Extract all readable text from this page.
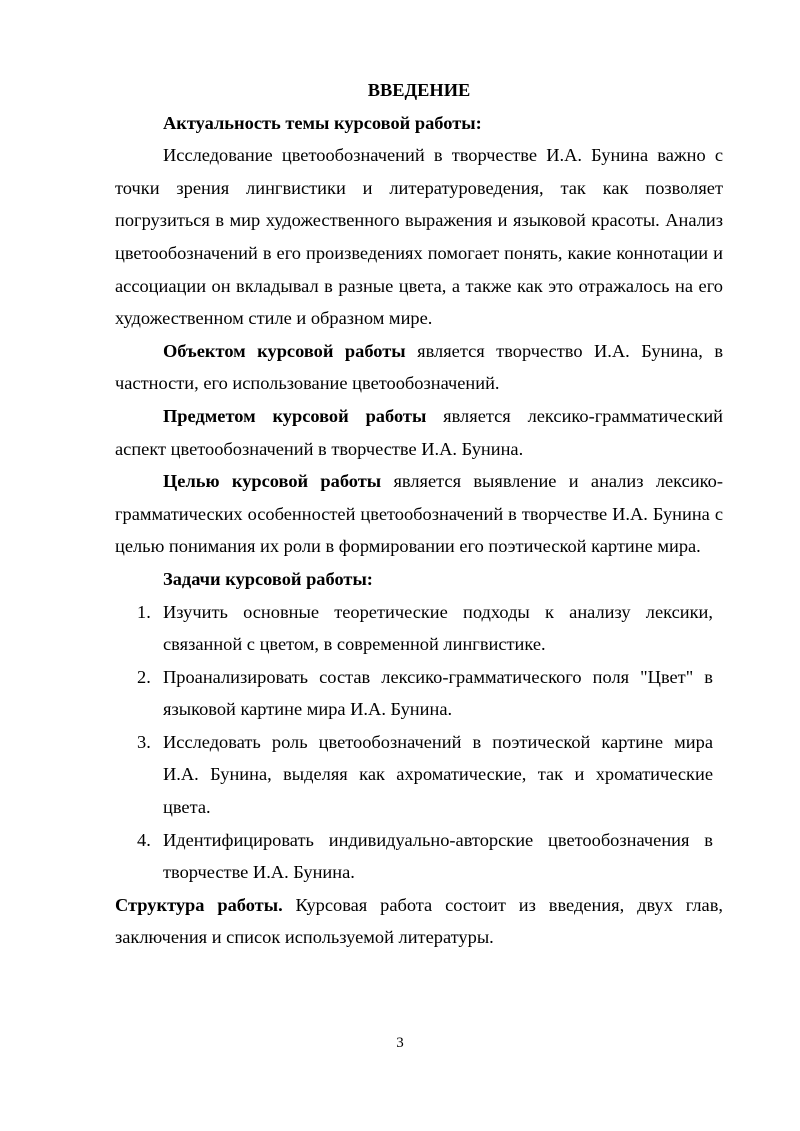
ВВЕДЕНИЕ

Актуальность темы курсовой работы:

Исследование цветообозначений в творчестве И.А. Бунина важно с точки зрения лингвистики и литературоведения, так как позволяет погрузиться в мир художественного выражения и языковой красоты. Анализ цветообозначений в его произведениях помогает понять, какие коннотации и ассоциации он вкладывал в разные цвета, а также как это отражалось на его художественном стиле и образном мире.

Объектом курсовой работы является творчество И.А. Бунина, в частности, его использование цветообозначений.

Предметом курсовой работы является лексико-грамматический аспект цветообозначений в творчестве И.А. Бунина.

Целью курсовой работы является выявление и анализ лексико-грамматических особенностей цветообозначений в творчестве И.А. Бунина с целью понимания их роли в формировании его поэтической картине мира.

Задачи курсовой работы:

1. Изучить основные теоретические подходы к анализу лексики, связанной с цветом, в современной лингвистике.
2. Проанализировать состав лексико-грамматического поля "Цвет" в языковой картине мира И.А. Бунина.
3. Исследовать роль цветообозначений в поэтической картине мира И.А. Бунина, выделяя как ахроматические, так и хроматические цвета.
4. Идентифицировать индивидуально-авторские цветообозначения в творчестве И.А. Бунина.

Структура работы. Курсовая работа состоит из введения, двух глав, заключения и список используемой литературы.

3
